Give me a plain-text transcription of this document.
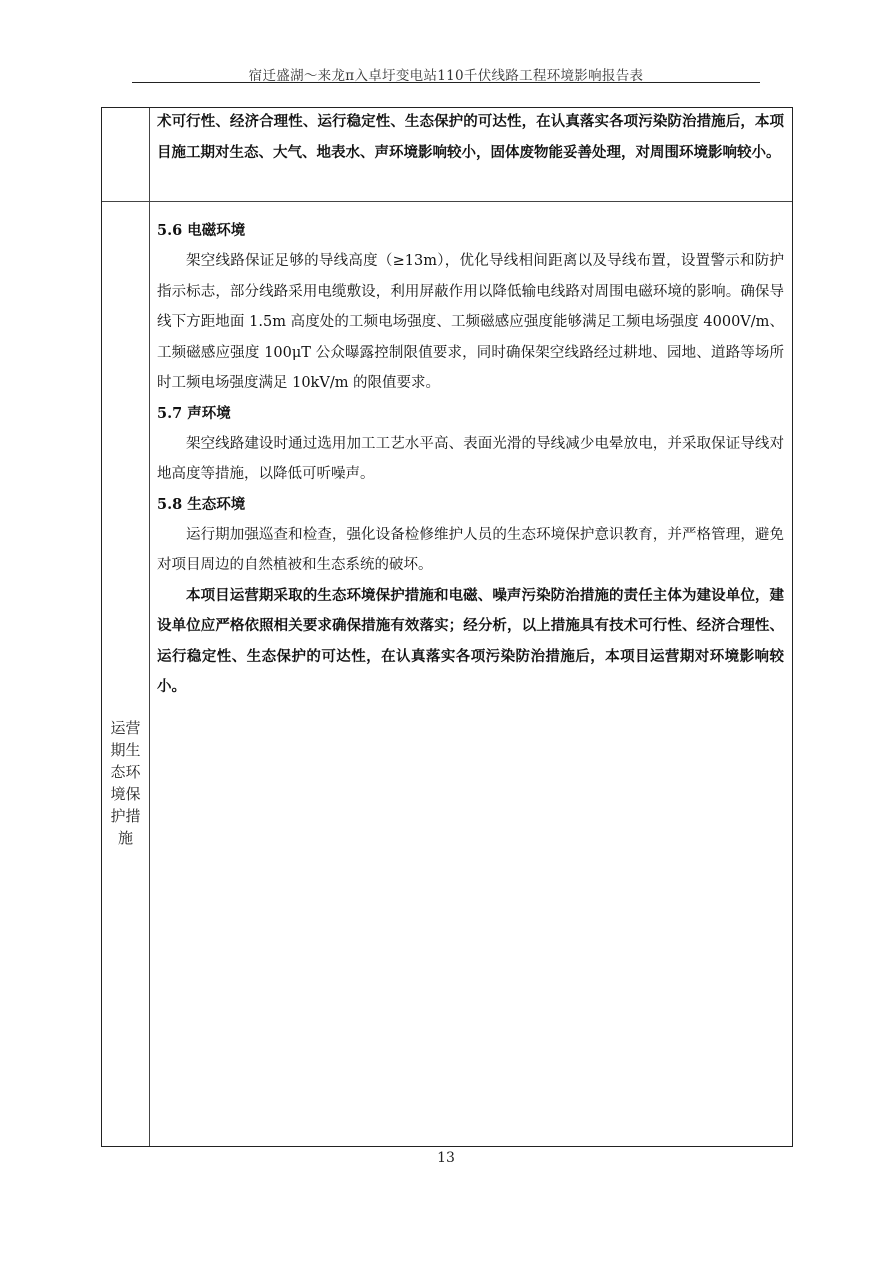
宿迁盛湖～来龙π入卓圩变电站110千伏线路工程环境影响报告表

术可行性、经济合理性、运行稳定性、生态保护的可达性，在认真落实各项污染防治措施后，本项目施工期对生态、大气、地表水、声环境影响较小，固体废物能妥善处理，对周围环境影响较小。

运营
期生
态环
境保
护措
施

5.6 电磁环境

架空线路保证足够的导线高度（≥13m），优化导线相间距离以及导线布置，设置警示和防护指示标志，部分线路采用电缆敷设，利用屏蔽作用以降低输电线路对周围电磁环境的影响。确保导线下方距地面 1.5m 高度处的工频电场强度、工频磁感应强度能够满足工频电场强度 4000V/m、工频磁感应强度 100μT 公众曝露控制限值要求，同时确保架空线路经过耕地、园地、道路等场所时工频电场强度满足 10kV/m 的限值要求。

5.7 声环境

架空线路建设时通过选用加工工艺水平高、表面光滑的导线减少电晕放电，并采取保证导线对地高度等措施，以降低可听噪声。

5.8 生态环境

运行期加强巡查和检查，强化设备检修维护人员的生态环境保护意识教育，并严格管理，避免对项目周边的自然植被和生态系统的破坏。

本项目运营期采取的生态环境保护措施和电磁、噪声污染防治措施的责任主体为建设单位，建设单位应严格依照相关要求确保措施有效落实；经分析，以上措施具有技术可行性、经济合理性、运行稳定性、生态保护的可达性，在认真落实各项污染防治措施后，本项目运营期对环境影响较小。

13
